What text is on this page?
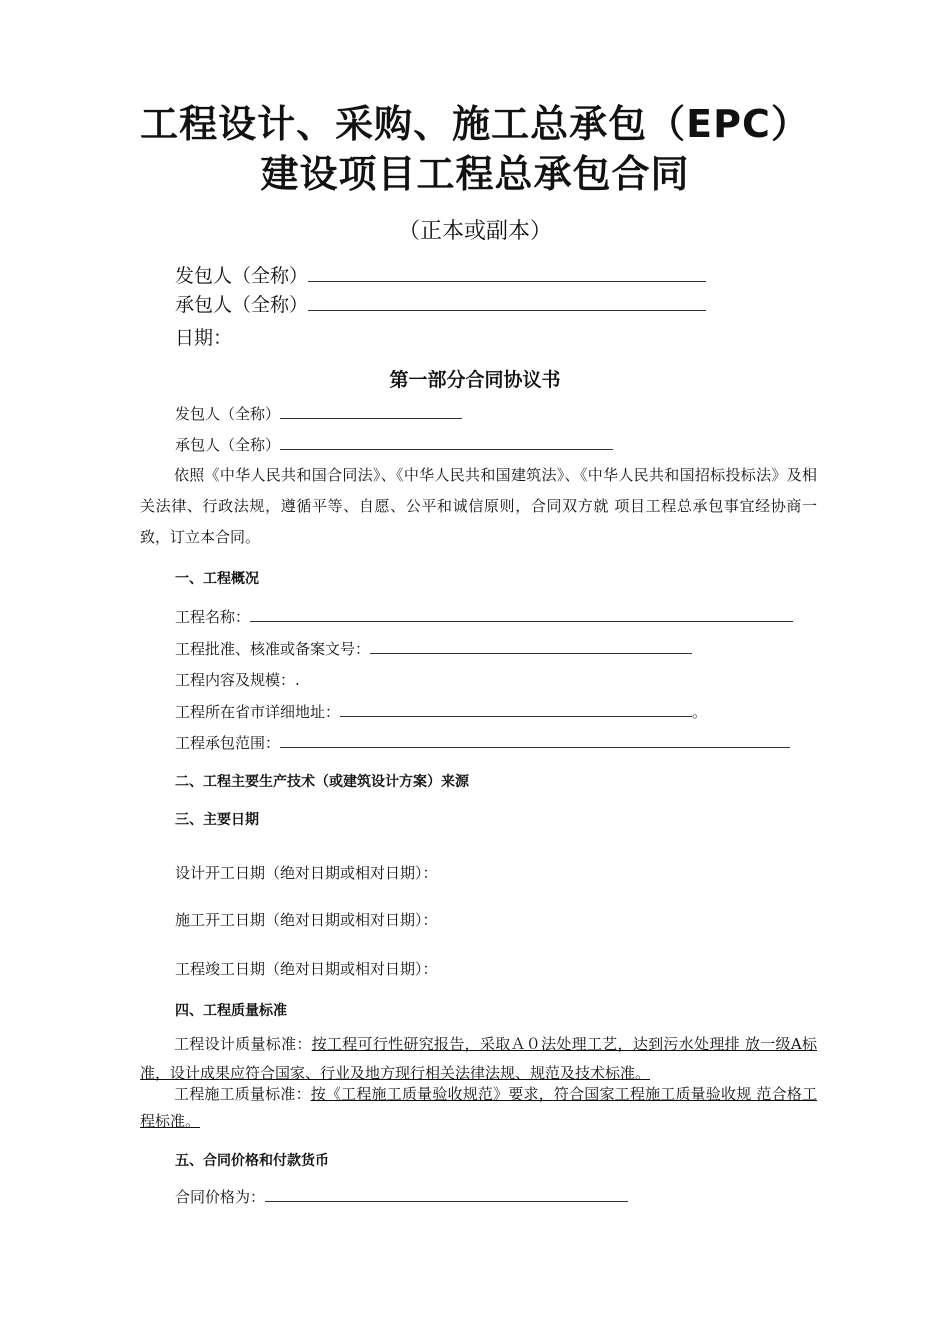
工程设计、采购、施工总承包（EPC）
建设项目工程总承包合同
（正本或副本）
发包人（全称）
承包人（全称）
日期：
第一部分合同协议书
发包人（全称）
承包人（全称）
依照《中华人民共和国合同法》、《中华人民共和国建筑法》、《中华人民共和国招标投标法》及相关法律、行政法规，遵循平等、自愿、公平和诚信原则，合同双方就 项目工程总承包事宜经协商一致，订立本合同。
一、工程概况
工程名称：
工程批准、核准或备案文号：
工程内容及规模：.
工程所在省市详细地址：	。
工程承包范围：
二、工程主要生产技术（或建筑设计方案）来源
三、主要日期
设计开工日期（绝对日期或相对日期）：
施工开工日期（绝对日期或相对日期）：
工程竣工日期（绝对日期或相对日期）：
四、工程质量标准
工程设计质量标准：按工程可行性研究报告，采取Ａ０法处理工艺，达到污水处理排 放一级A标准，设计成果应符合国家、行业及地方现行相关法律法规、规范及技术标准。
工程施工质量标准：按《工程施工质量验收规范》要求，符合国家工程施工质量验收规 范合格工程标准。
五、合同价格和付款货币
合同价格为：
